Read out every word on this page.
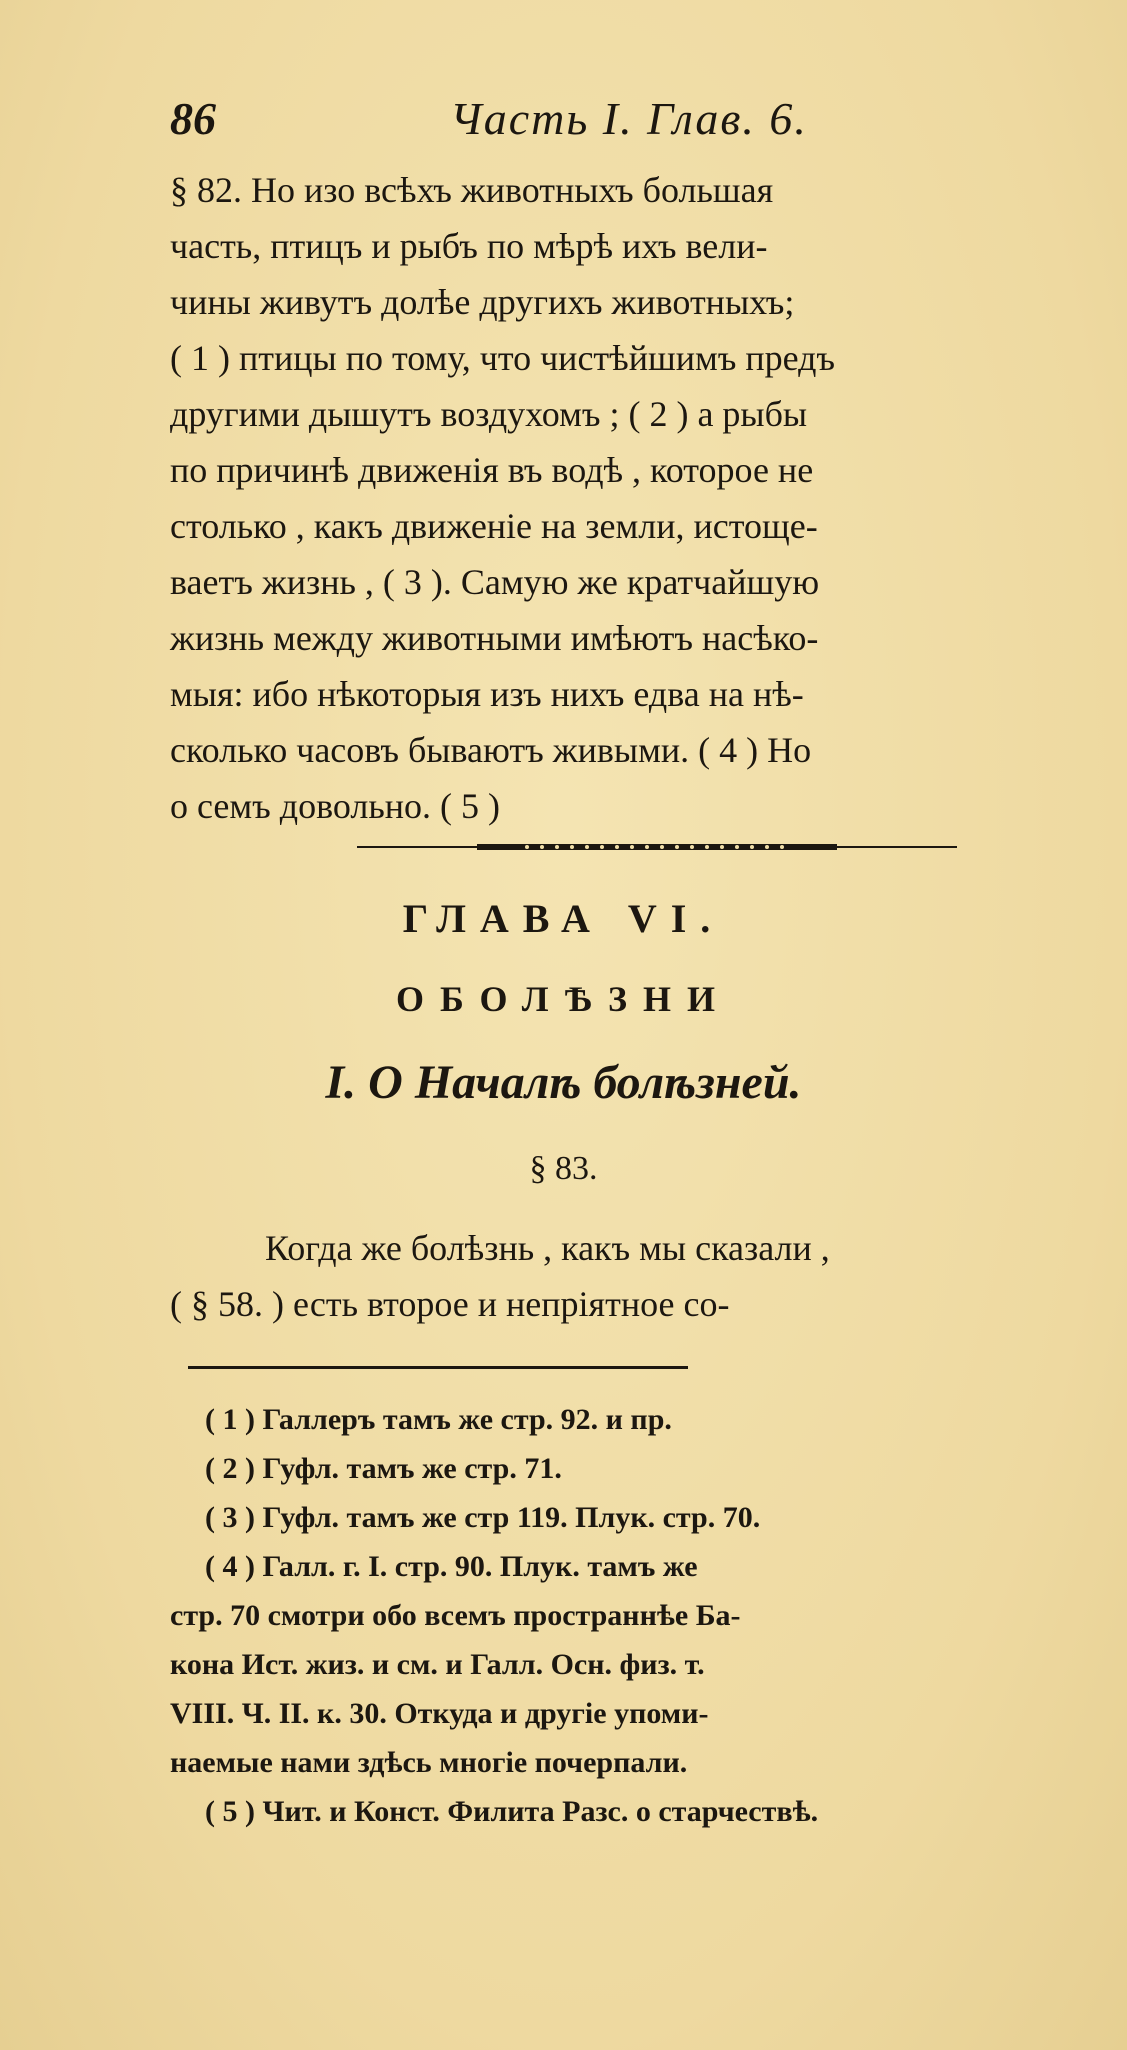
86	Часть I. Глав. 6.
§ 82. Но изо всѣхъ животныхъ большая
часть, птицъ и рыбъ по мѣрѣ ихъ вели-
чины живутъ долѣе другихъ животныхъ;
( 1 ) птицы по тому, что чистѣйшимъ предъ
другими дышутъ воздухомъ ; ( 2 ) а рыбы
по причинѣ движенія въ водѣ , которое не
столько , какъ движеніе на земли, истоще-
ваетъ жизнь , ( 3 ). Самую же кратчайшую
жизнь между животными имѣютъ насѣко-
мыя: ибо нѣкоторыя изъ нихъ едва на нѣ-
сколько часовъ бываютъ живыми. ( 4 ) Но
о семъ довольно. ( 5 )
ГЛАВА VI.
ОБОЛѢЗНИ
I. О Началѣ болѣзней.
§ 83.
Когда же болѣзнь , какъ мы сказали ,
( § 58. ) есть второе и непріятное со-
( 1 ) Галлеръ тамъ же стр. 92. и пр.
( 2 ) Гуфл. тамъ же стр. 71.
( 3 ) Гуфл. тамъ же стр 119. Плук. стр. 70.
( 4 ) Галл. г. I. стр. 90. Плук. тамъ же
стр. 70 смотри обо всемъ пространнѣе Ба-
кона Ист. жиз. и см. и Галл. Осн. физ. т.
VIII. Ч. II. к. 30. Откуда и другіе упоми-
наемые нами здѣсь многіе почерпали.
( 5 ) Чит. и Конст. Филита Разс. о старчествѣ.
